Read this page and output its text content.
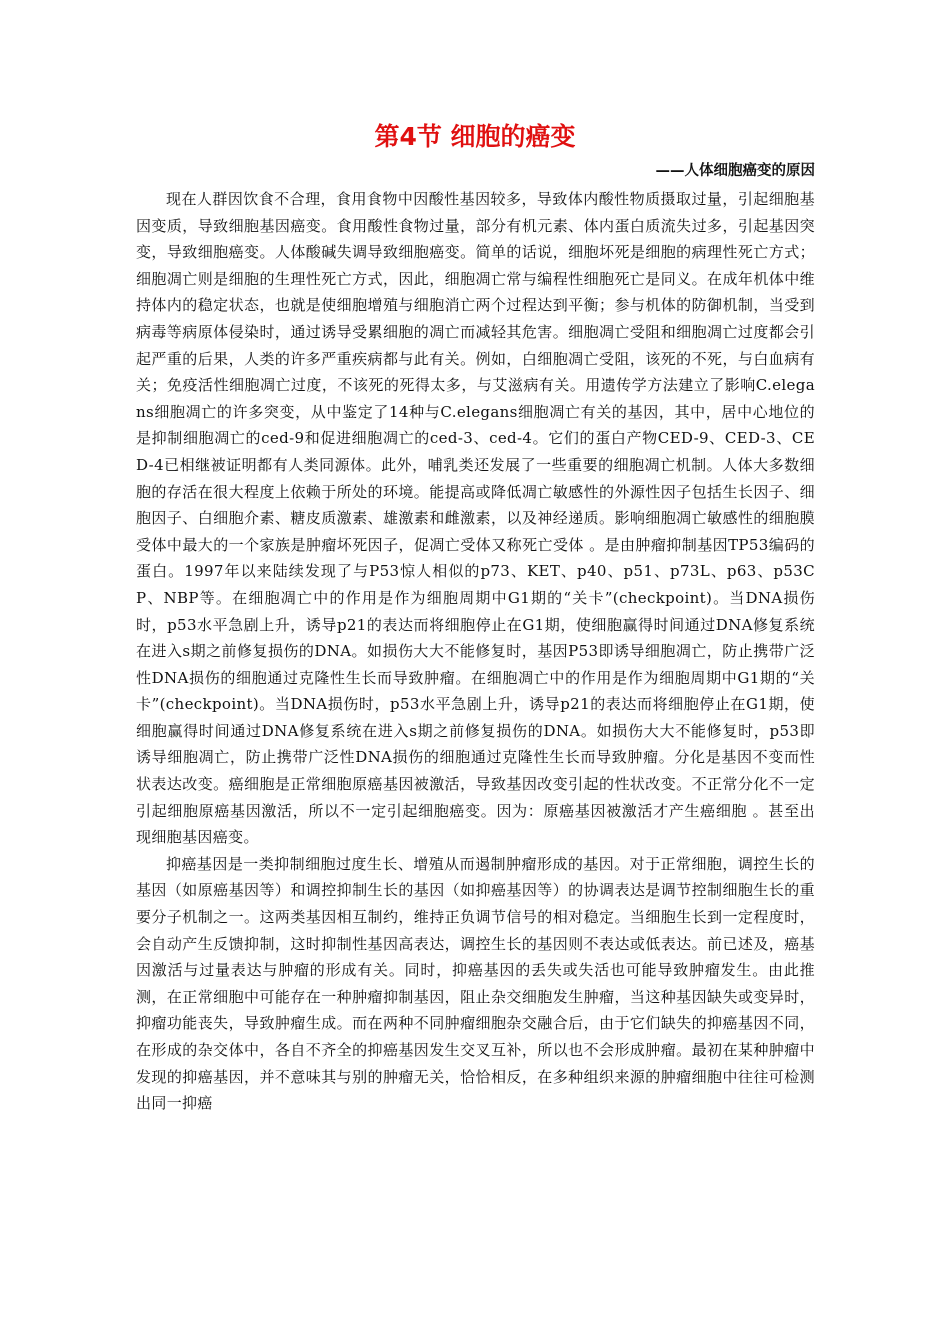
第4节 细胞的癌变
——人体细胞癌变的原因

现在人群因饮食不合理，食用食物中因酸性基因较多，导致体内酸性物质摄取过量，引起细胞基因变质，导致细胞基因癌变。食用酸性食物过量，部分有机元素、体内蛋白质流失过多，引起基因突变，导致细胞癌变。人体酸碱失调导致细胞癌变。简单的话说，细胞坏死是细胞的病理性死亡方式；细胞凋亡则是细胞的生理性死亡方式，因此，细胞凋亡常与编程性细胞死亡是同义。在成年机体中维持体内的稳定状态，也就是使细胞增殖与细胞消亡两个过程达到平衡；参与机体的防御机制，当受到病毒等病原体侵染时，通过诱导受累细胞的凋亡而减轻其危害。细胞凋亡受阻和细胞凋亡过度都会引起严重的后果，人类的许多严重疾病都与此有关。例如，白细胞凋亡受阻，该死的不死，与白血病有关；免疫活性细胞凋亡过度，不该死的死得太多，与艾滋病有关。用遗传学方法建立了影响C.elegans细胞凋亡的许多突变，从中鉴定了14种与C.elegans细胞凋亡有关的基因，其中，居中心地位的是抑制细胞凋亡的ced-9和促进细胞凋亡的ced-3、ced-4。它们的蛋白产物CED-9、CED-3、CED-4已相继被证明都有人类同源体。此外，哺乳类还发展了一些重要的细胞凋亡机制。人体大多数细胞的存活在很大程度上依赖于所处的环境。能提高或降低凋亡敏感性的外源性因子包括生长因子、细胞因子、白细胞介素、糖皮质激素、雄激素和雌激素，以及神经递质。影响细胞凋亡敏感性的细胞膜受体中最大的一个家族是肿瘤坏死因子，促凋亡受体又称死亡受体 。是由肿瘤抑制基因TP53编码的蛋白。1997年以来陆续发现了与P53惊人相似的p73、KET、p40、p51、p73L、p63、p53CP、NBP等。在细胞凋亡中的作用是作为细胞周期中G1期的“关卡”(checkpoint)。当DNA损伤时，p53水平急剧上升，诱导p21的表达而将细胞停止在G1期，使细胞赢得时间通过DNA修复系统在进入s期之前修复损伤的DNA。如损伤大大不能修复时，基因P53即诱导细胞凋亡，防止携带广泛性DNA损伤的细胞通过克隆性生长而导致肿瘤。在细胞凋亡中的作用是作为细胞周期中G1期的“关卡”(checkpoint)。当DNA损伤时，p53水平急剧上升，诱导p21的表达而将细胞停止在G1期，使细胞赢得时间通过DNA修复系统在进入s期之前修复损伤的DNA。如损伤大大不能修复时，p53即诱导细胞凋亡，防止携带广泛性DNA损伤的细胞通过克隆性生长而导致肿瘤。分化是基因不变而性状表达改变。癌细胞是正常细胞原癌基因被激活，导致基因改变引起的性状改变。不正常分化不一定引起细胞原癌基因激活，所以不一定引起细胞癌变。因为：原癌基因被激活才产生癌细胞 。甚至出现细胞基因癌变。

抑癌基因是一类抑制细胞过度生长、增殖从而遏制肿瘤形成的基因。对于正常细胞，调控生长的基因（如原癌基因等）和调控抑制生长的基因（如抑癌基因等）的协调表达是调节控制细胞生长的重要分子机制之一。这两类基因相互制约，维持正负调节信号的相对稳定。当细胞生长到一定程度时，会自动产生反馈抑制，这时抑制性基因高表达，调控生长的基因则不表达或低表达。前已述及，癌基因激活与过量表达与肿瘤的形成有关。同时，抑癌基因的丢失或失活也可能导致肿瘤发生。由此推测，在正常细胞中可能存在一种肿瘤抑制基因，阻止杂交细胞发生肿瘤，当这种基因缺失或变异时，抑瘤功能丧失，导致肿瘤生成。而在两种不同肿瘤细胞杂交融合后，由于它们缺失的抑癌基因不同，在形成的杂交体中，各自不齐全的抑癌基因发生交叉互补，所以也不会形成肿瘤。最初在某种肿瘤中发现的抑癌基因，并不意味其与别的肿瘤无关，恰恰相反，在多种组织来源的肿瘤细胞中往往可检测出同一抑癌
